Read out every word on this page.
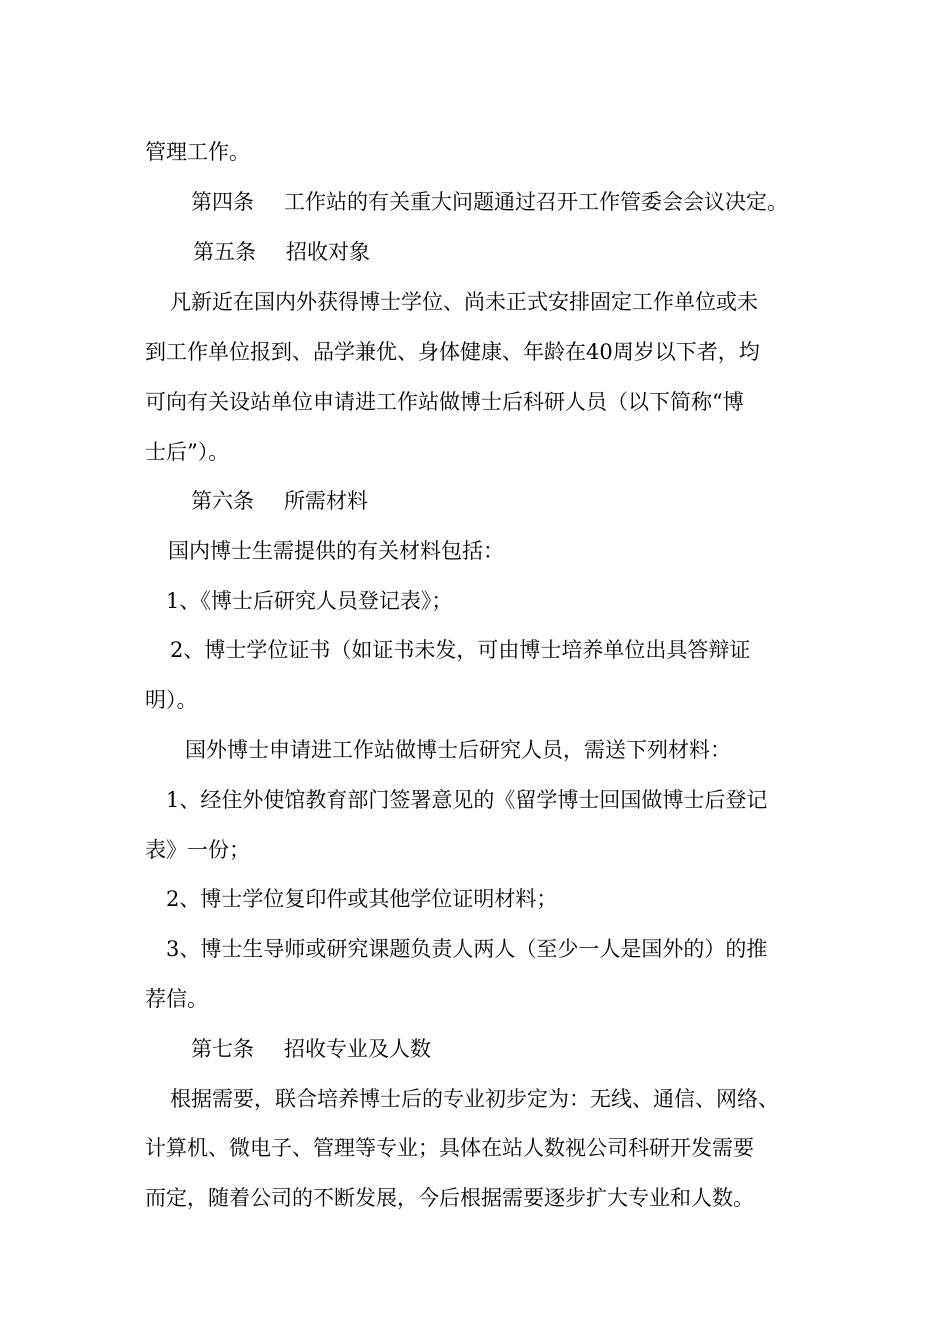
管理工作。
第四条 工作站的有关重大问题通过召开工作管委会会议决定。
第五条 招收对象
凡新近在国内外获得博士学位、尚未正式安排固定工作单位或未
到工作单位报到、品学兼优、身体健康、年龄在40周岁以下者，均
可向有关设站单位申请进工作站做博士后科研人员（以下简称“博
士后”）。
第六条 所需材料
国内博士生需提供的有关材料包括：
1、《博士后研究人员登记表》；
2、博士学位证书（如证书未发，可由博士培养单位出具答辩证
明）。
国外博士申请进工作站做博士后研究人员，需送下列材料：
1、经住外使馆教育部门签署意见的《留学博士回国做博士后登记
表》一份；
2、博士学位复印件或其他学位证明材料；
3、博士生导师或研究课题负责人两人（至少一人是国外的）的推
荐信。
第七条 招收专业及人数
根据需要，联合培养博士后的专业初步定为：无线、通信、网络、
计算机、微电子、管理等专业；具体在站人数视公司科研开发需要
而定，随着公司的不断发展，今后根据需要逐步扩大专业和人数。
